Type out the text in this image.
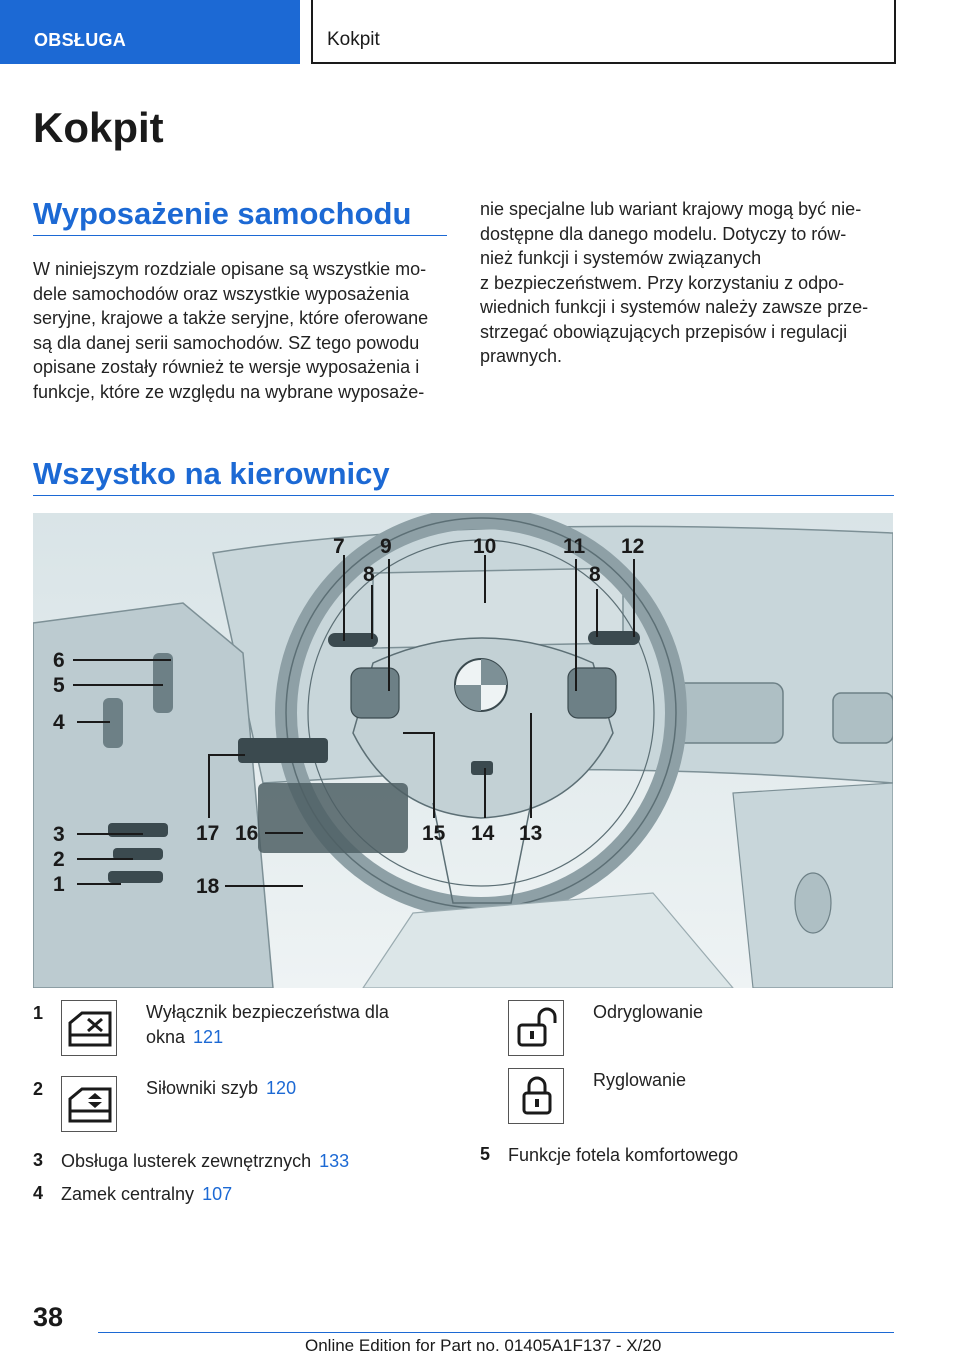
OBSŁUGA	Kokpit
Kokpit
Wyposażenie samochodu
W niniejszym rozdziale opisane są wszystkie mo‐
dele samochodów oraz wszystkie wyposażenia
seryjne, krajowe a także seryjne, które oferowane
są dla danej serii samochodów. SZ tego powodu
opisane zostały również te wersje wyposażenia i
funkcje, które ze względu na wybrane wyposaże‐
nie specjalne lub wariant krajowy mogą być nie‐
dostępne dla danego modelu. Dotyczy to rów‐
nież funkcji i systemów związanych
z bezpieczeństwem. Przy korzystaniu z odpo‐
wiednich funkcji i systemów należy zawsze prze‐
strzegać obowiązujących przepisów i regulacji
prawnych.
Wszystko na kierownicy
7 9	10	11 12
8	8
6
5
4
3
2
1
17 16	15 14 13
18
1	Wyłącznik bezpieczeństwa dla
okna 121
2	Siłowniki szyb 120
3 Obsługa lusterek zewnętrznych 133
4 Zamek centralny 107
Odryglowanie
Ryglowanie
5 Funkcje fotela komfortowego
38
Online Edition for Part no. 01405A1F137 - X/20
